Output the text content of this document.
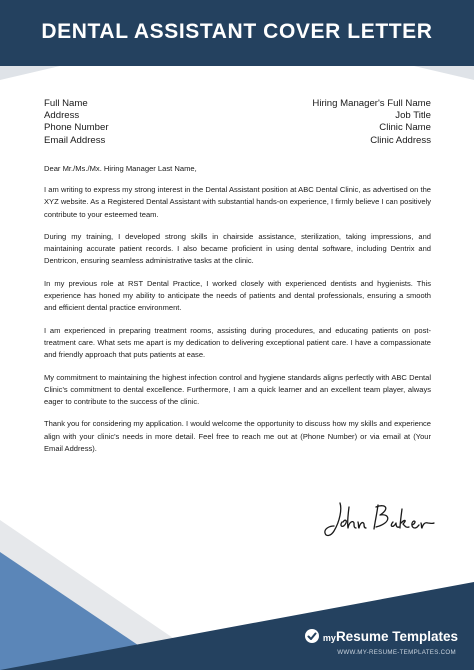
DENTAL ASSISTANT COVER LETTER
Full Name
Address
Phone Number
Email Address
Hiring Manager's Full Name
Job Title
Clinic Name
Clinic Address
Dear Mr./Ms./Mx. Hiring Manager Last Name,

I am writing to express my strong interest in the Dental Assistant position at ABC Dental Clinic, as advertised on the XYZ website. As a Registered Dental Assistant with substantial hands-on experience, I firmly believe I can positively contribute to your esteemed team.

During my training, I developed strong skills in chairside assistance, sterilization, taking impressions, and maintaining accurate patient records. I also became proficient in using dental software, including Dentrix and Dentricon, ensuring seamless administrative tasks at the clinic.

In my previous role at RST Dental Practice, I worked closely with experienced dentists and hygienists. This experience has honed my ability to anticipate the needs of patients and dental professionals, ensuring a smooth and efficient dental practice environment.

I am experienced in preparing treatment rooms, assisting during procedures, and educating patients on post-treatment care. What sets me apart is my dedication to delivering exceptional patient care. I have a compassionate and friendly approach that puts patients at ease.

My commitment to maintaining the highest infection control and hygiene standards aligns perfectly with ABC Dental Clinic's commitment to dental excellence. Furthermore, I am a quick learner and an excellent team player, always eager to contribute to the success of the clinic.

Thank you for considering my application. I would welcome the opportunity to discuss how my skills and experience align with your clinic's needs in more detail. Feel free to reach me out at (Phone Number) or via email at (Your Email Address).

myResume Templates
WWW.MY-RESUME-TEMPLATES.COM
